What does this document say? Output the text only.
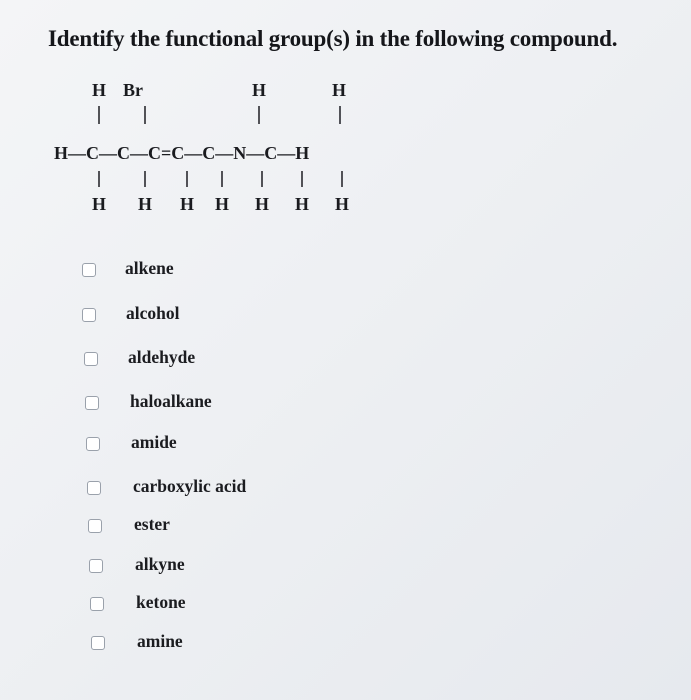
Identify the functional group(s) in the following compound.
H Br	H	H
H—C—C—C=C—C—N—C—H
H H H H H H H
alkene
alcohol
aldehyde
haloalkane
amide
carboxylic acid
ester
alkyne
ketone
amine
